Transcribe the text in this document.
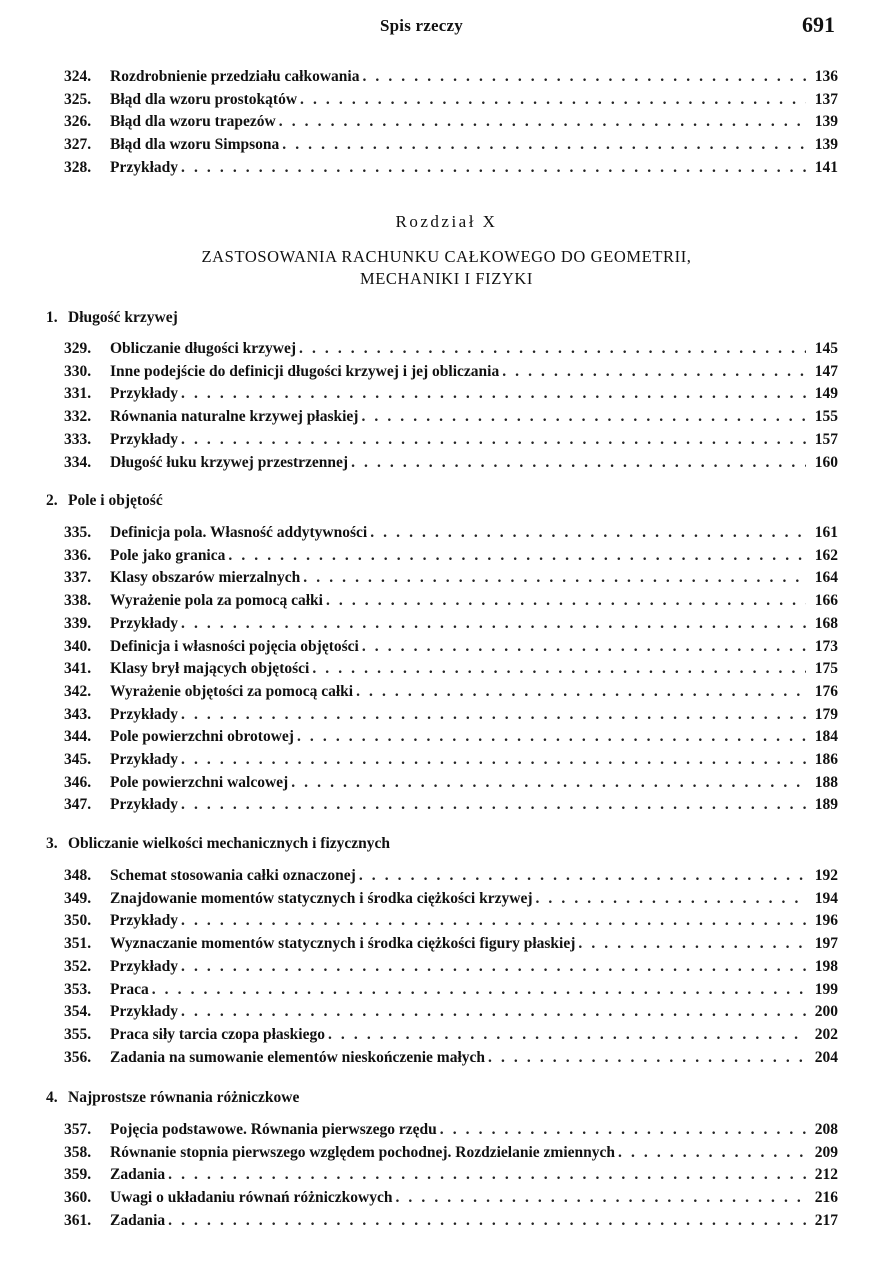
Spis rzeczy	691
324.	Rozdrobnienie przedziału całkowania . . .	136
325.	Błąd dla wzoru prostokątów . . .	137
326.	Błąd dla wzoru trapezów . . .	139
327.	Błąd dla wzoru Simpsona . . .	139
328.	Przykłady . . .	141
Rozdział X
ZASTOSOWANIA RACHUNKU CAŁKOWEGO DO GEOMETRII,
MECHANIKI I FIZYKI
1. Długość krzywej
329.	Obliczanie długości krzywej . . .	145
330.	Inne podejście do definicji długości krzywej i jej obliczania . . .	147
331.	Przykłady . . .	149
332.	Równania naturalne krzywej płaskiej . . .	155
333.	Przykłady . . .	157
334.	Długość łuku krzywej przestrzennej . . .	160
2. Pole i objętość
335.	Definicja pola. Własność addytywności . . .	161
336.	Pole jako granica . . .	162
337.	Klasy obszarów mierzalnych . . .	164
338.	Wyrażenie pola za pomocą całki . . .	166
339.	Przykłady . . .	168
340.	Definicja i własności pojęcia objętości . . .	173
341.	Klasy brył mających objętości . . .	175
342.	Wyrażenie objętości za pomocą całki . . .	176
343.	Przykłady . . .	179
344.	Pole powierzchni obrotowej . . .	184
345.	Przykłady . . .	186
346.	Pole powierzchni walcowej . . .	188
347.	Przykłady . . .	189
3. Obliczanie wielkości mechanicznych i fizycznych
348.	Schemat stosowania całki oznaczonej . . .	192
349.	Znajdowanie momentów statycznych i środka ciężkości krzywej . . .	194
350.	Przykłady . . .	196
351.	Wyznaczanie momentów statycznych i środka ciężkości figury płaskiej . . .	197
352.	Przykłady . . .	198
353.	Praca . . .	199
354.	Przykłady . . .	200
355.	Praca siły tarcia czopa płaskiego . . .	202
356.	Zadania na sumowanie elementów nieskończenie małych . . .	204
4. Najprostsze równania różniczkowe
357.	Pojęcia podstawowe. Równania pierwszego rzędu . . .	208
358.	Równanie stopnia pierwszego względem pochodnej. Rozdzielanie zmiennych . . .	209
359.	Zadania . . .	212
360.	Uwagi o układaniu równań różniczkowych . . .	216
361.	Zadania . . .	217
